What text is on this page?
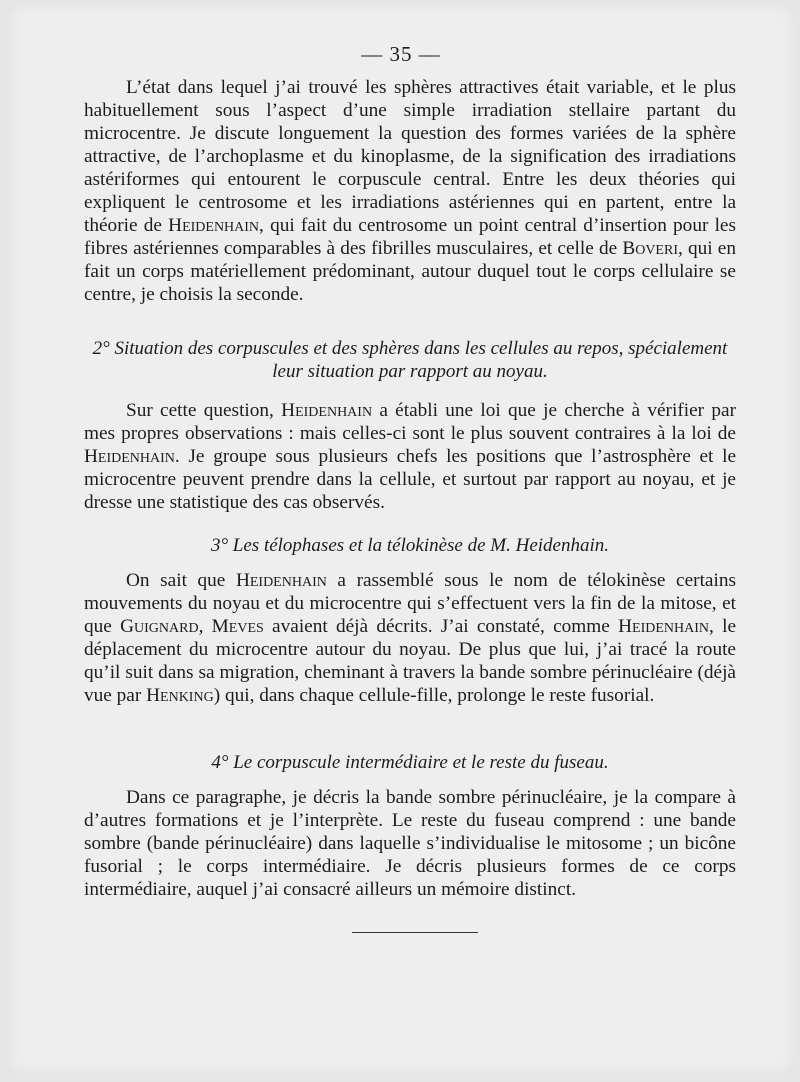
— 35 —

L’état dans lequel j’ai trouvé les sphères attractives était variable, et le plus habituellement sous l’aspect d’une simple irradiation stellaire partant du microcentre. Je discute longuement la question des formes variées de la sphère attractive, de l’archoplasme et du kinoplasme, de la signification des irradiations astériformes qui entourent le corpuscule central. Entre les deux théories qui expliquent le centrosome et les irradiations astériennes qui en partent, entre la théorie de Heidenhain, qui fait du centrosome un point central d’insertion pour les fibres astériennes comparables à des fibrilles musculaires, et celle de Boveri, qui en fait un corps matériellement prédominant, autour duquel tout le corps cellulaire se centre, je choisis la seconde.

2° Situation des corpuscules et des sphères dans les cellules au repos, spécialement
leur situation par rapport au noyau.

Sur cette question, Heidenhain a établi une loi que je cherche à vérifier par mes propres observations : mais celles-ci sont le plus souvent contraires à la loi de Heidenhain. Je groupe sous plusieurs chefs les positions que l’astrosphère et le microcentre peuvent prendre dans la cellule, et surtout par rapport au noyau, et je dresse une statistique des cas observés.

3° Les télophases et la télokinèse de M. Heidenhain.

On sait que Heidenhain a rassemblé sous le nom de télokinèse certains mouvements du noyau et du microcentre qui s’effectuent vers la fin de la mitose, et que Guignard, Meves avaient déjà décrits. J’ai constaté, comme Heidenhain, le déplacement du microcentre autour du noyau. De plus que lui, j’ai tracé la route qu’il suit dans sa migration, cheminant à travers la bande sombre périnucléaire (déjà vue par Henking) qui, dans chaque cellule-fille, prolonge le reste fusorial.

4° Le corpuscule intermédiaire et le reste du fuseau.

Dans ce paragraphe, je décris la bande sombre périnucléaire, je la compare à d’autres formations et je l’interprète. Le reste du fuseau comprend : une bande sombre (bande périnucléaire) dans laquelle s’individualise le mitosome ; un bicône fusorial ; le corps intermédiaire. Je décris plusieurs formes de ce corps intermédiaire, auquel j’ai consacré ailleurs un mémoire distinct.
